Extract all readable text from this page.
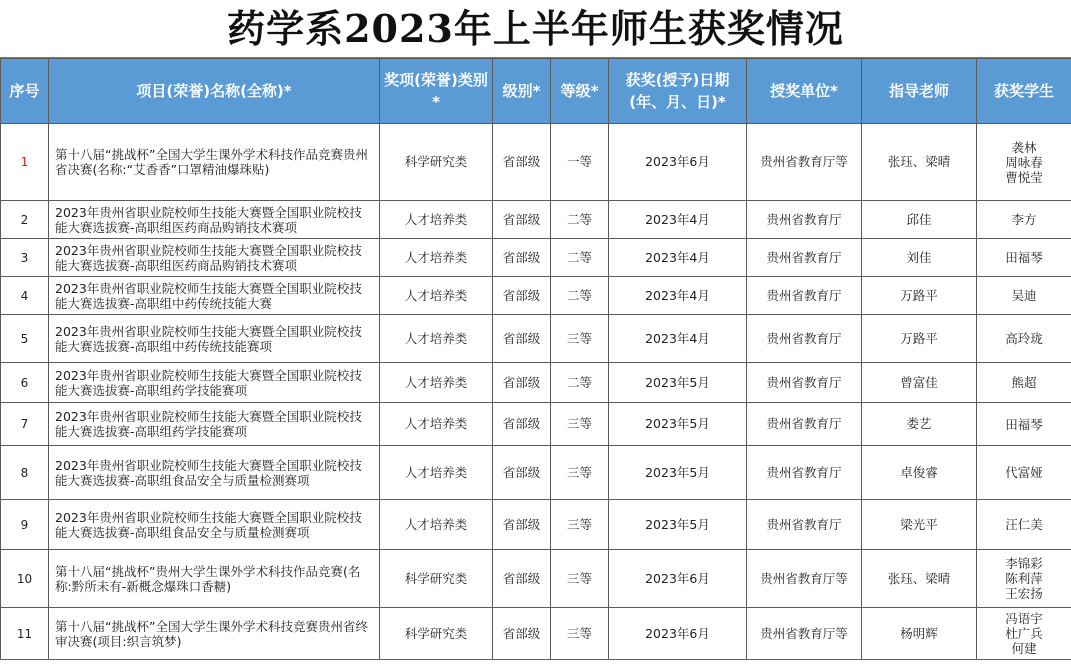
药学系2023年上半年师生获奖情况
序号	项目(荣誉)名称(全称)*	奖项(荣誉)类别*	级别*	等级*	获奖(授予)日期(年、月、日)*	授奖单位*	指导老师	获奖学生
1	第十八届“挑战杯”全国大学生课外学术科技作品竞赛贵州省决赛(名称:“艾香香”口罩精油爆珠贴)	科学研究类	省部级	一等	2023年6月	贵州省教育厅等	张珏、梁晴	袭林
周咏春
曹悦莹

2	2023年贵州省职业院校师生技能大赛暨全国职业院校技能大赛选拔赛-高职组医药商品购销技术赛项	人才培养类	省部级	二等	2023年4月	贵州省教育厅	邱佳	李方

3	2023年贵州省职业院校师生技能大赛暨全国职业院校技能大赛选拔赛-高职组医药商品购销技术赛项	人才培养类	省部级	二等	2023年4月	贵州省教育厅	刘佳	田福琴

4	2023年贵州省职业院校师生技能大赛暨全国职业院校技能大赛选拔赛-高职组中药传统技能大赛	人才培养类	省部级	二等	2023年4月	贵州省教育厅	万路平	吴迪

5	2023年贵州省职业院校师生技能大赛暨全国职业院校技能大赛选拔赛-高职组中药传统技能赛项	人才培养类	省部级	三等	2023年4月	贵州省教育厅	万路平	高玲珑

6	2023年贵州省职业院校师生技能大赛暨全国职业院校技能大赛选拔赛-高职组药学技能赛项	人才培养类	省部级	二等	2023年5月	贵州省教育厅	曾富佳	熊超

7	2023年贵州省职业院校师生技能大赛暨全国职业院校技能大赛选拔赛-高职组药学技能赛项	人才培养类	省部级	三等	2023年5月	贵州省教育厅	娄艺	田福琴

8	2023年贵州省职业院校师生技能大赛暨全国职业院校技能大赛选拔赛-高职组食品安全与质量检测赛项	人才培养类	省部级	三等	2023年5月	贵州省教育厅	卓俊睿	代富娅

9	2023年贵州省职业院校师生技能大赛暨全国职业院校技能大赛选拔赛-高职组食品安全与质量检测赛项	人才培养类	省部级	三等	2023年5月	贵州省教育厅	梁光平	汪仁美

10	第十八届“挑战杯”贵州大学生课外学术科技作品竞赛(名称:黔所未有-新概念爆珠口香糖)	科学研究类	省部级	三等	2023年6月	贵州省教育厅等	张珏、梁晴	李锦彩
陈利萍
王宏扬

11	第十八届“挑战杯”全国大学生课外学术科技竞赛贵州省终审决赛(项目:织言筑梦)	科学研究类	省部级	三等	2023年6月	贵州省教育厅等	杨明辉	冯语宇
杜广兵
何建
